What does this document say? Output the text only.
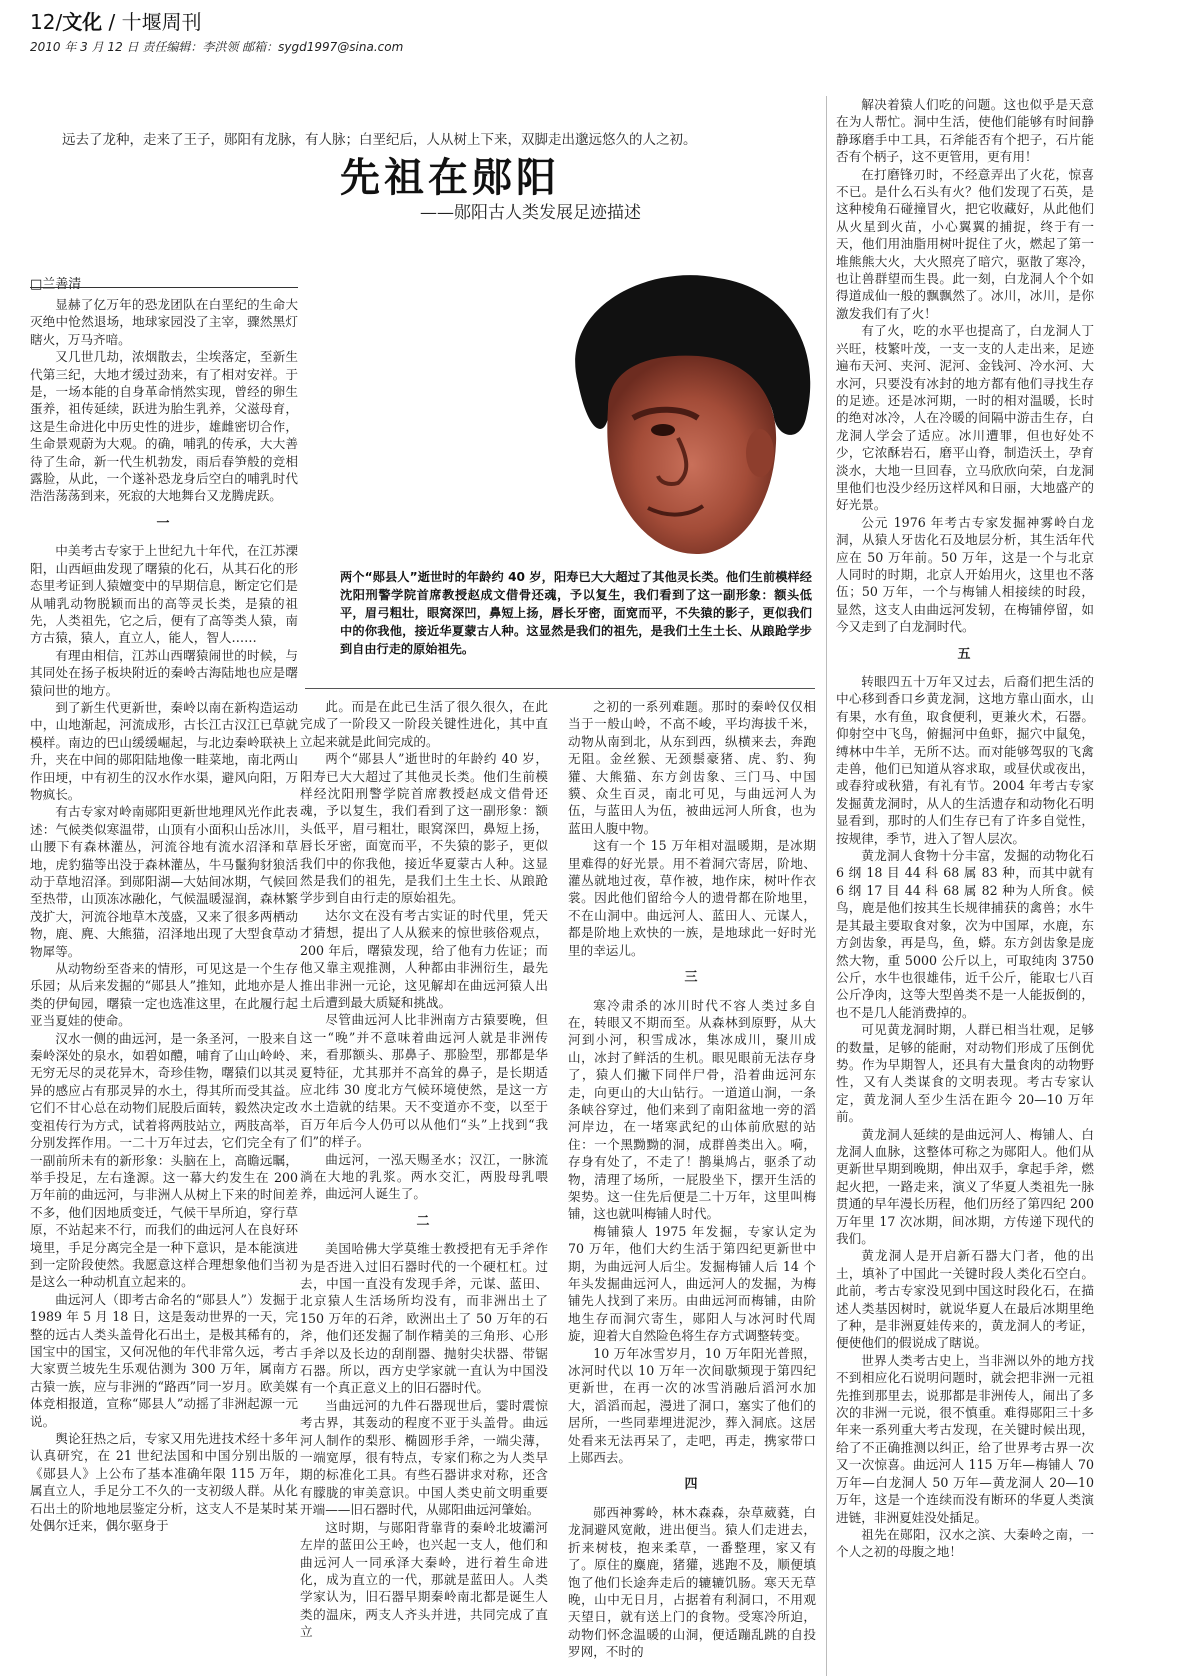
12/文化 / 十堰周刊
2010 年 3 月 12 日 责任编辑：李洪领 邮箱：sygd1997@sina.com
远去了龙种，走来了王子，郧阳有龙脉，有人脉；白垩纪后，人从树上下来，双脚走出邈远悠久的人之初。
先祖在郧阳
——郧阳古人类发展足迹描述
□兰善清
两个“郧县人”逝世时的年龄约 40 岁，阳寿已大大超过了其他灵长类。他们生前模样经沈阳刑警学院首席教授赵成文借骨还魂，予以复生，我们看到了这一副形象：额头低平，眉弓粗壮，眼窝深凹，鼻短上扬，唇长牙密，面宽而平，不失猿的影子，更似我们中的你我他，接近华夏蒙古人种。这显然是我们的祖先，是我们土生土长、从踉跄学步到自由行走的原始祖先。

显赫了亿万年的恐龙团队在白垩纪的生命大灭绝中怆然退场，地球家园没了主宰，骤然黑灯瞎火，万马齐喑。

又几世几劫，浓烟散去，尘埃落定，至新生代第三纪，大地才缓过劲来，有了相对安祥。于是，一场本能的自身革命悄然实现，曾经的卵生蛋养，祖传延续，跃进为胎生乳养，父滋母育，这是生命进化中历史性的进步，雄雌密切合作，生命景观蔚为大观。的确，哺乳的传承，大大善待了生命，新一代生机勃发，雨后春笋般的竞相露脸，从此，一个遂补恐龙身后空白的哺乳时代浩浩荡荡到来，死寂的大地舞台又龙腾虎跃。

一

中美考古专家于上世纪九十年代，在江苏溧阳，山西峘曲发现了曙猿的化石，从其石化的形态里考证到人猿嬗变中的早期信息，断定它们是从哺乳动物脱颖而出的高等灵长类，是猿的祖先，人类祖先，它之后，便有了高等类人猿，南方古猿，猿人，直立人，能人，智人……

有理由相信，江苏山西曙猿闹世的时候，与其同处在扬子板块附近的秦岭古海陆地也应是曙猿问世的地方。

到了新生代更新世，秦岭以南在新构造运动中，山地渐起，河流成形，古长江古汉江已草就模样。南边的巴山缓缓崛起，与北边秦岭联袂上升，夹在中间的郧阳陆地像一畦菜地，南北两山作田埂，中有初生的汉水作水渠，避风向阳，万物疯长。

有古专家对岭南郧阳更新世地理风光作此表述：气候类似寒温带，山顶有小面积山岳冰川，山腰下有森林灌丛，河流谷地有流水沼泽和草地，虎豹猫等出没于森林灌丛，牛马鬣狗豺狼活动于草地沼泽。到郧阳湖—大姑间冰期，气候回至热带，山顶冻冰融化，气候温暖湿润，森林繁茂扩大，河流谷地草木茂盛，又来了很多两栖动物，鹿、麂、大熊猫，沼泽地出现了大型食草动物犀等。

从动物纷至沓来的情形，可见这是一个生存乐园；从后来发掘的“郧县人”推知，此地亦是人类的伊甸园，曙猿一定也选准这里，在此履行起亚当夏娃的使命。

汉水一侧的曲远河，是一条圣河，一股来自秦岭深处的泉水，如碧如醴，哺育了山山岭岭、无穷无尽的灵花异木，奇珍佳物，曙猿们以其灵异的感应占有那灵异的水土，得其所而受其益。它们不甘心总在动物们屁股后面转，毅然决定改变祖传行为方式，试着将两肢站立，两肢高举，分别发挥作用。一二十万年过去，它们完全有了一副前所未有的新形象：头脑在上，高瞻远瞩，举手投足，左右逢源。这一幕大约发生在 200 万年前的曲远河，与非洲人从树上下来的时间差不多，他们因地质变迁，气候干旱所迫，穿行草原，不站起来不行，而我们的曲远河人在良好环境里，手足分离完全是一种下意识，是本能演进到一定阶段使然。我愿意这样合理想象他们当初是这么一种动机直立起来的。

曲远河人（即考古命名的“郧县人”）发掘于 1989 年 5 月 18 日，这是轰动世界的一天，完整的远古人类头盖骨化石出土，是极其稀有的，国宝中的国宝，又何况他的年代非常久远，考古大家贾兰坡先生乐观估测为 300 万年，属南方古猿一族，应与非洲的“路西”同一岁月。欧美媒体竞相报道，宣称“郧县人”动摇了非洲起源一元说。

舆论狂热之后，专家又用先进技术经十多年认真研究，在 21 世纪法国和中国分别出版的《郧县人》上公布了基本准确年限 115 万年，属直立人，手足分工不久的一支初级人群。从化石出土的阶地地层鉴定分析，这支人不是某时某处偶尔迁来，偶尔驱身于

此。而是在此已生活了很久很久，在此完成了一阶段又一阶段关键性进化，其中直立起来就是此间完成的。

两个“郧县人”逝世时的年龄约 40 岁，阳寿已大大超过了其他灵长类。他们生前模样经沈阳刑警学院首席教授赵成文借骨还魂，予以复生，我们看到了这一副形象：额头低平，眉弓粗壮，眼窝深凹，鼻短上扬，唇长牙密，面宽而平，不失猿的影子，更似我们中的你我他，接近华夏蒙古人种。这显然是我们的祖先，是我们土生土长、从踉跄学步到自由行走的原始祖先。

达尔文在没有考古实证的时代里，凭天才猜想，提出了人从猴来的惊世骇俗观点，200 年后，曙猿发现，给了他有力佐证；而他又靠主观推测，人种都由非洲衍生，最先推出非洲一元论，这见解却在曲远河猿人出土后遭到最大质疑和挑战。

尽管曲远河人比非洲南方古猿要晚，但这一“晚”并不意味着曲远河人就是非洲传来，看那额头、那鼻子、那脸型，那都是华夏特征，尤其那并不高耸的鼻子，是长期适应北纬 30 度北方气候环境使然，是这一方水土造就的结果。天不变道亦不变，以至于百万年后今人仍可以从他们“头”上找到“我们”的样子。

曲远河，一泓天赐圣水；汉江，一脉流淌在大地的乳浆。两水交汇，两股母乳喂养，曲远河人诞生了。

二

美国哈佛大学莫维士教授把有无手斧作为是否进入过旧石器时代的一个硬杠杠。过去，中国一直没有发现手斧，元谋、蓝田、北京猿人生活场所均没有，而非洲出土了 150 万年的石斧，欧洲出土了 50 万年的石斧，他们还发掘了制作精美的三角形、心形手斧以及长边的刮削器、抛射尖状器、带锯石器。所以，西方史学家就一直认为中国没有一个真正意义上的旧石器时代。

当曲远河的九件石器现世后，霎时震惊考古界，其轰动的程度不亚于头盖骨。曲远河人制作的梨形、椭圆形手斧，一端尖薄，一端宽厚，很有特点，专家们称之为人类早期的标准化工具。有些石器讲求对称，还含有朦胧的审美意识。中国人类史前文明重要开端——旧石器时代，从郧阳曲远河肇始。

这时期，与郧阳背靠背的秦岭北坡灞河左岸的蓝田公王岭，也兴起一支人，他们和曲远河人一同承泽大秦岭，进行着生命进化，成为直立的一代，那就是蓝田人。人类学家认为，旧石器早期秦岭南北都是诞生人类的温床，两支人齐头并进，共同完成了直立

之初的一系列难题。那时的秦岭仅仅相当于一般山岭，不高不峻，平均海拔千米，动物从南到北，从东到西，纵横来去，奔跑无阻。金丝猴、无颈鬃豪猪、虎、豹、狗獾、大熊猫、东方剑齿象、三门马、中国貘、众生百灵，南北可见，与曲远河人为伍，与蓝田人为伍，被曲远河人所食，也为蓝田人腹中物。

这有一个 15 万年相对温暖期，是冰期里难得的好光景。用不着洞穴寄居，阶地、灌丛就地过夜，草作被，地作床，树叶作衣裳。因此他们留给今人的遗骨都在阶地里，不在山洞中。曲远河人、蓝田人、元谋人，都是阶地上欢快的一族，是地球此一好时光里的幸运儿。

三

寒冷肃杀的冰川时代不容人类过多自在，转眼又不期而至。从森林到原野，从大河到小河，积雪成冰，集冰成川，聚川成山，冰封了鲜活的生机。眼见眼前无法存身了，猿人们撇下同伴尸骨，沿着曲远河东走，向更山的大山钻行。一道道山涧，一条条峡谷穿过，他们来到了南阳盆地一旁的滔河岸边，在一堵寒武纪的山体前欣慰的站住：一个黑黝黝的洞，成群兽类出入。嗬，存身有处了，不走了！鹊巢鸠占，驱杀了动物，清理了场所，一屁股坐下，摆开生活的架势。这一住先后便是二十万年，这里叫梅铺，这也就叫梅铺人时代。

梅铺猿人 1975 年发掘，专家认定为 70 万年，他们大约生活于第四纪更新世中期，为曲远河人后尘。发掘梅铺人后 14 个年头发掘曲远河人，曲远河人的发掘，为梅铺先人找到了来历。由曲远河而梅铺，由阶地生存而洞穴寄生，郧阳人与冰河时代周旋，迎着大自然险色将生存方式调整转变。

10 万年冰雪岁月，10 万年阳光普照，冰河时代以 10 万年一次间歇频现于第四纪更新世，在再一次的冰雪消融后滔河水加大，滔滔而起，漫进了洞口，塞实了他们的居所，一些同辈埋进泥沙，葬入洞底。这居处看来无法再呆了，走吧，再走，携家带口上郧西去。

四

郧西神雾岭，林木森森，杂草葳蕤，白龙洞避风宽敞，进出便当。猿人们走进去，折来树枝，抱来柔草，一番整理，家又有了。原住的麋鹿，猪獾，逃跑不及，顺便填饱了他们长途奔走后的辘辘饥肠。寒天无草晚，山中无日月，占据着有利洞口，不用观天望日，就有送上门的食物。受寒冷所迫，动物们怀念温暖的山洞，便适蹦乱跳的自投罗网，不时的

解决着猿人们吃的问题。这也似乎是天意在为人帮忙。洞中生活，使他们能够有时间静静琢磨手中工具，石斧能否有个把子，石片能否有个柄子，这不更管用，更有用！

在打磨锋刃时，不经意弄出了火花，惊喜不已。是什么石头有火？他们发现了石英，是这种棱角石碰撞冒火，把它收藏好，从此他们从火星到火苗，小心翼翼的捕捉，终于有一天，他们用油脂用树叶捉住了火，燃起了第一堆熊熊大火，大火照亮了暗穴，驱散了寒冷，也让兽群望而生畏。此一刻，白龙洞人个个如得道成仙一般的飘飘然了。冰川，冰川，是你激发我们有了火！

有了火，吃的水平也提高了，白龙洞人丁兴旺，枝繁叶茂，一支一支的人走出来，足迹遍布天河、夹河、泥河、金钱河、冷水河、大水河，只要没有冰封的地方都有他们寻找生存的足迹。还是冰河期，一时的相对温暖，长时的绝对冰冷，人在冷暖的间隔中游击生存，白龙洞人学会了适应。冰川遭罪，但也好处不少，它浓酥岩石，磨平山脊，制造沃土，孕育淡水，大地一旦回春，立马欣欣向荣，白龙洞里他们也没少经历这样风和日丽，大地盛产的好光景。

公元 1976 年考古专家发掘神雾岭白龙洞，从猿人牙齿化石及地层分析，其生活年代应在 50 万年前。50 万年，这是一个与北京人同时的时期，北京人开始用火，这里也不落伍；50 万年，一个与梅铺人相接续的时段，显然，这支人由曲远河发轫，在梅铺停留，如今又走到了白龙洞时代。

五

转眼四五十万年又过去，后裔们把生活的中心移到香口乡黄龙洞，这地方靠山面水，山有果，水有鱼，取食便利，更兼火术，石器。仰射空中飞鸟，俯掘河中鱼虾，掘穴中鼠兔，缚林中牛羊，无所不达。而对能够驾驭的飞禽走兽，他们已知道从容求取，或昼伏或夜出，或春狩或秋猎，有礼有节。2004 年考古专家发掘黄龙洞时，从人的生活遗存和动物化石明显看到，那时的人们生存已有了许多自觉性，按规律，季节，进入了智人层次。

黄龙洞人食物十分丰富，发掘的动物化石 6 纲 18 目 44 科 68 属 83 种，而其中就有 6 纲 17 目 44 科 68 属 82 种为人所食。候鸟，鹿是他们按其生长规律捕获的禽兽；水牛是其最主要取食对象，次为中国犀，水鹿，东方剑齿象，再是鸟，鱼，蟒。东方剑齿象是庞然大物，重 5000 公斤以上，可取纯肉 3750 公斤，水牛也很雄伟，近千公斤，能取七八百公斤净肉，这等大型兽类不是一人能扳倒的，也不是几人能消费掉的。

可见黄龙洞时期，人群已相当壮观，足够的数量，足够的能耐，对动物们形成了压倒优势。作为早期智人，还具有大量食肉的动物野性，又有人类谋食的文明表现。考古专家认定，黄龙洞人至少生活在距今 20—10 万年前。

黄龙洞人延续的是曲远河人、梅铺人、白龙洞人血脉，这整体可称之为郧阳人。他们从更新世早期到晚期，伸出双手，拿起手斧，燃起火把，一路走来，演义了华夏人类祖先一脉贯通的早年漫长历程，他们历经了第四纪 200 万年里 17 次冰期，间冰期，方传递下现代的我们。

黄龙洞人是开启新石器大门者，他的出土，填补了中国此一关键时段人类化石空白。此前，考古专家没见到中国这时段化石，在描述人类基因树时，就说华夏人在最后冰期里绝了种，是非洲夏娃传来的，黄龙洞人的考证，便使他们的假说成了瞎说。

世界人类考古史上，当非洲以外的地方找不到相应化石说明问题时，就会把非洲一元祖先推到那里去，说那都是非洲传人，闹出了多次的非洲一元说，很不慎重。难得郧阳三十多年来一系列重大考古发现，在关键时候出现，给了不正确推测以纠正，给了世界考古界一次又一次惊喜。曲远河人 115 万年—梅铺人 70 万年—白龙洞人 50 万年—黄龙洞人 20—10 万年，这是一个连续而没有断环的华夏人类演进链，非洲夏娃没处插足。

祖先在郧阳，汉水之滨、大秦岭之南，一个人之初的母腹之地！
